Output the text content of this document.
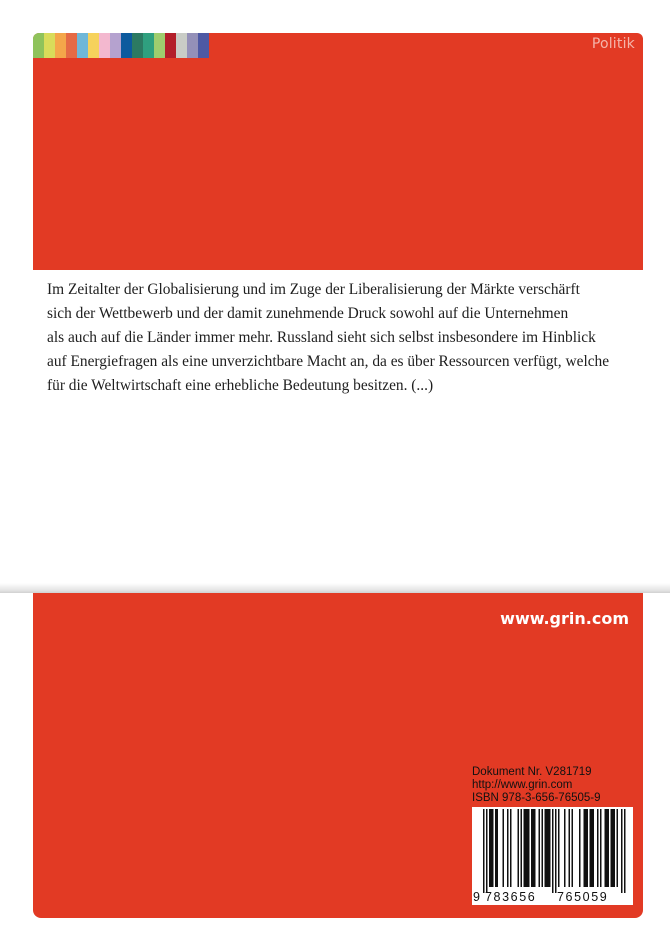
Politik
Im Zeitalter der Globalisierung und im Zuge der Liberalisierung der Märkte verschärft
sich der Wettbewerb und der damit zunehmende Druck sowohl auf die Unternehmen
als auch auf die Länder immer mehr. Russland sieht sich selbst insbesondere im Hinblick
auf Energiefragen als eine unverzichtbare Macht an, da es über Ressourcen verfügt, welche
für die Weltwirtschaft eine erhebliche Bedeutung besitzen. (...)
www.grin.com
Dokument Nr. V281719
http://www.grin.com
ISBN 978-3-656-76505-9
9 783656 765059
